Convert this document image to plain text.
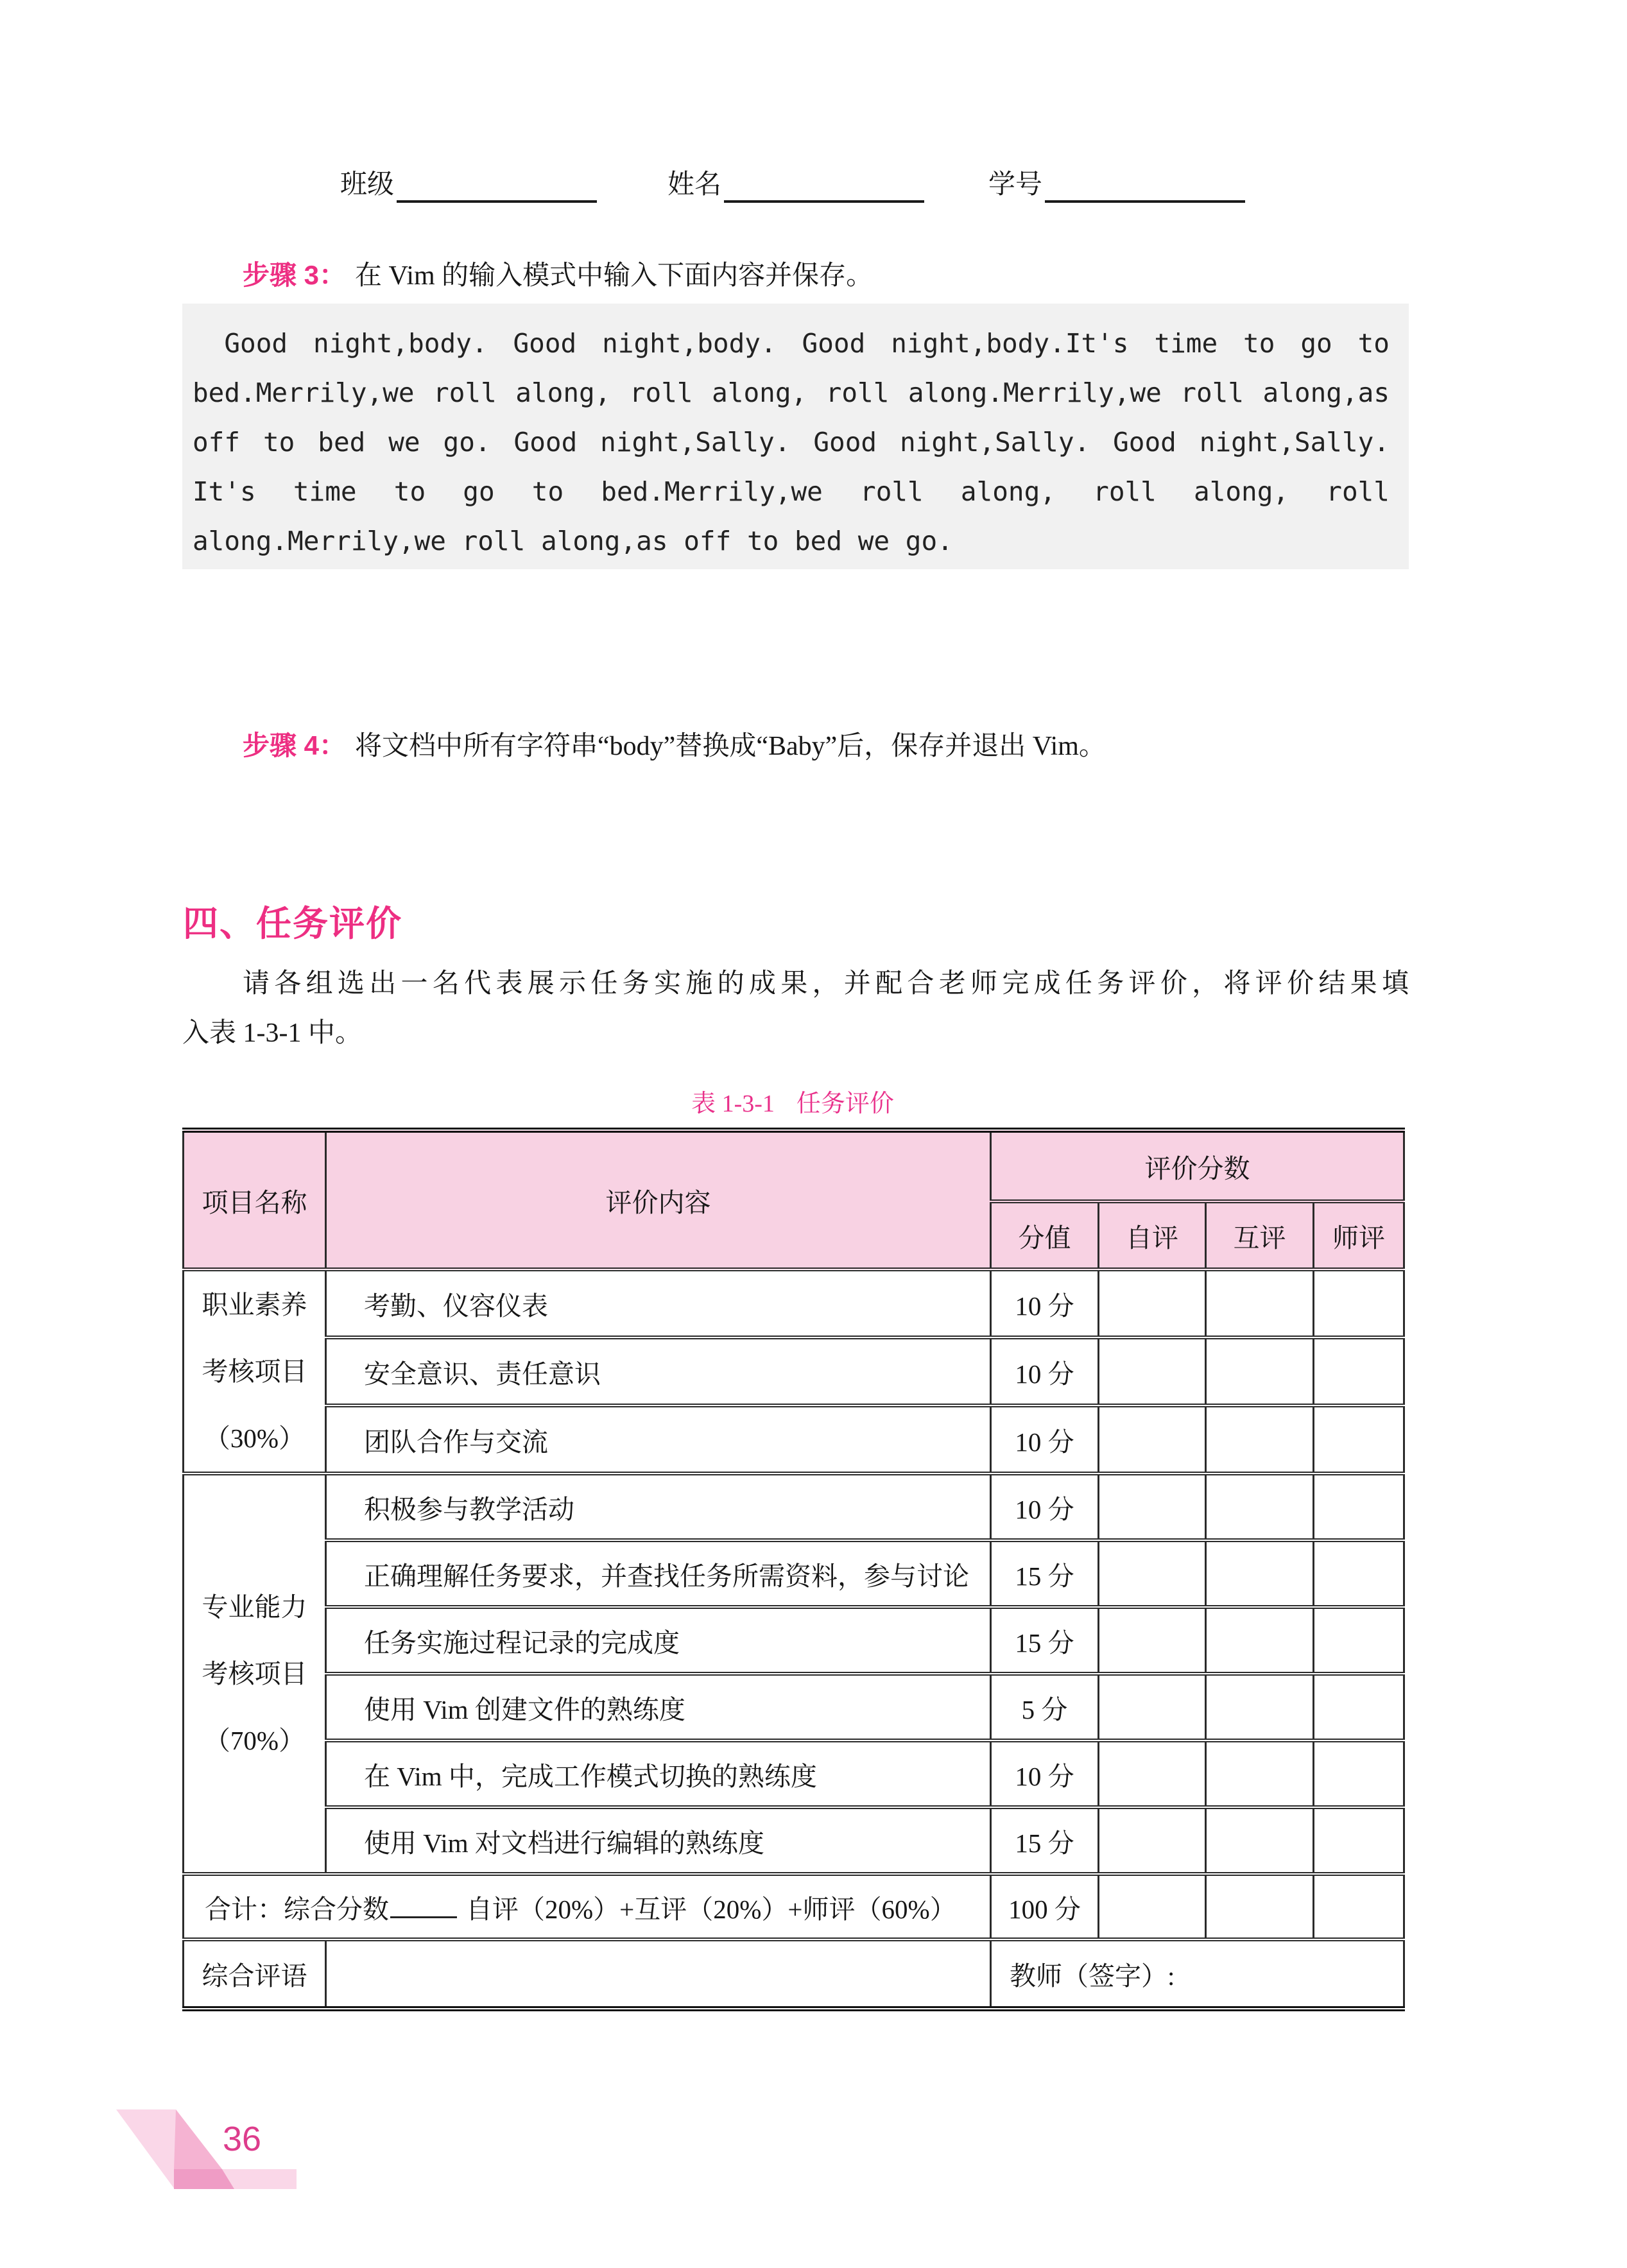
班级	姓名	学号
步骤 3： 在 Vim 的输入模式中输入下面内容并保存。
Good night,body. Good night,body. Good night,body.It's time to go to
bed.Merrily,we roll along, roll along, roll along.Merrily,we roll along,as
off to bed we go. Good night,Sally. Good night,Sally. Good night,Sally.
It's time to go to bed.Merrily,we roll along, roll along, roll
along.Merrily,we roll along,as off to bed we go.
步骤 4： 将文档中所有字符串“body”替换成“Baby”后，保存并退出 Vim。
四、任务评价
请各组选出一名代表展示任务实施的成果，并配合老师完成任务评价，将评价结果填
入表 1-3-1 中。
表 1-3-1 任务评价
项目名称	评价内容	评价分数			
		分值	自评	互评	师评

职业素养
考核项目
（30%）	考勤、仪容仪表	10 分			
	安全意识、责任意识	10 分			
	团队合作与交流	10 分			

专业能力
考核项目
（70%）	积极参与教学活动	10 分			
	正确理解任务要求，并查找任务所需资料，参与讨论	15 分			
	任务实施过程记录的完成度	15 分			
	使用 Vim 创建文件的熟练度	5 分			
	在 Vim 中，完成工作模式切换的熟练度	10 分			
	使用 Vim 对文档进行编辑的熟练度	15 分			
合计：综合分数 自评（20%）+互评（20%）+师评（60%）		100 分			
综合评语		教师（签字）:			
36
